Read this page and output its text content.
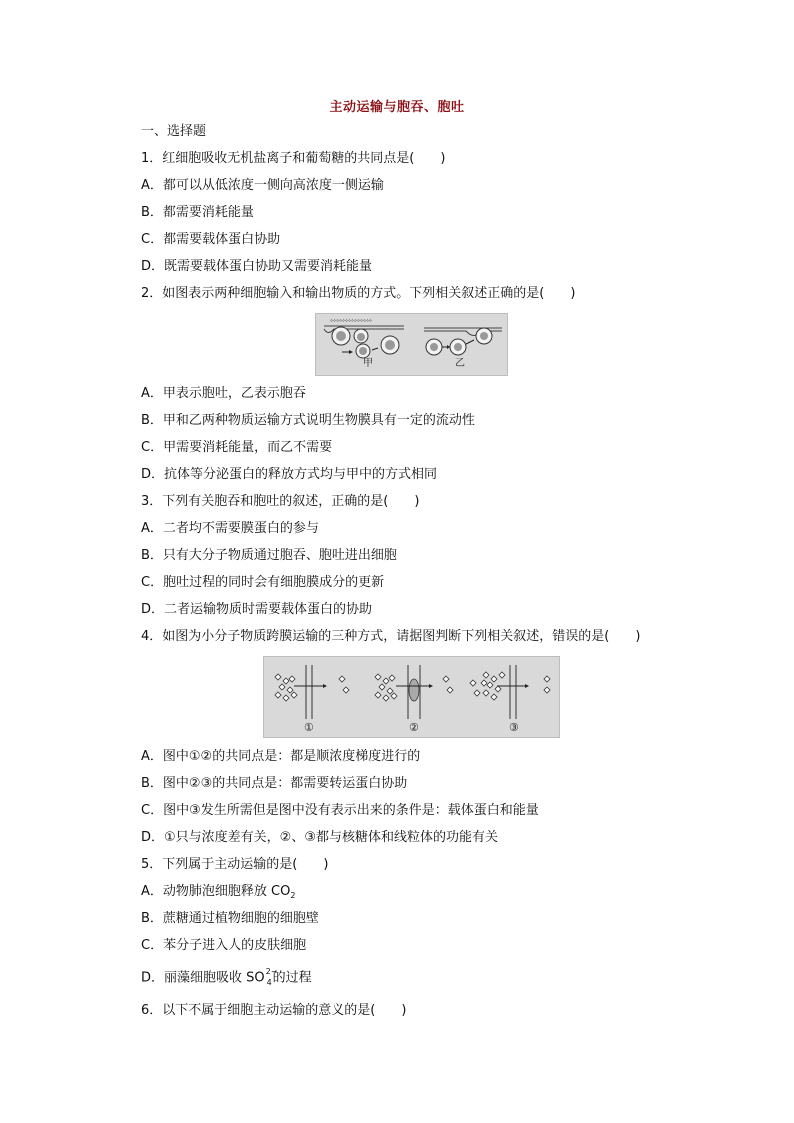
主动运输与胞吞、胞吐
一、选择题
1．红细胞吸收无机盐离子和葡萄糖的共同点是(　　)
A．都可以从低浓度一侧向高浓度一侧运输
B．都需要消耗能量
C．都需要载体蛋白协助
D．既需要载体蛋白协助又需要消耗能量
2．如图表示两种细胞输入和输出物质的方式。下列相关叙述正确的是(　　)
°°°°°°°°°°°°°°
甲	乙
A．甲表示胞吐，乙表示胞吞
B．甲和乙两种物质运输方式说明生物膜具有一定的流动性
C．甲需要消耗能量，而乙不需要
D．抗体等分泌蛋白的释放方式均与甲中的方式相同
3．下列有关胞吞和胞吐的叙述，正确的是(　　)
A．二者均不需要膜蛋白的参与
B．只有大分子物质通过胞吞、胞吐进出细胞
C．胞吐过程的同时会有细胞膜成分的更新
D．二者运输物质时需要载体蛋白的协助
4．如图为小分子物质跨膜运输的三种方式，请据图判断下列相关叙述，错误的是(　　)
①	②	③
A．图中①②的共同点是：都是顺浓度梯度进行的
B．图中②③的共同点是：都需要转运蛋白协助
C．图中③发生所需但是图中没有表示出来的条件是：载体蛋白和能量
D．①只与浓度差有关，②、③都与核糖体和线粒体的功能有关
5．下列属于主动运输的是(　　)
A．动物肺泡细胞释放 $CO_2$
B．蔗糖通过植物细胞的细胞壁
C．苯分子进入人的皮肤细胞
D．丽藻细胞吸收 SO 2−
4 的过程
6．以下不属于细胞主动运输的意义的是(　　)
